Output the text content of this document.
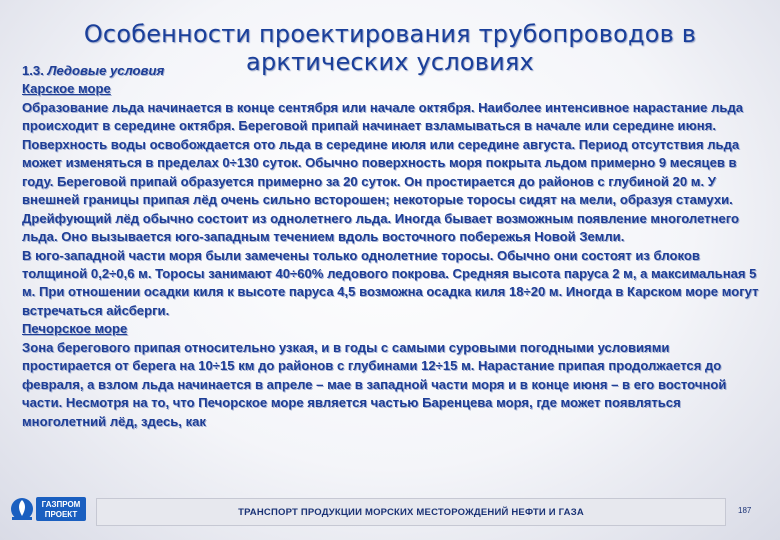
Особенности проектирования трубопроводов в арктических условиях

1.3. Ледовые условия

Карское море

Образование льда начинается в конце сентября или начале октября. Наиболее интенсивное нарастание льда происходит в середине октября. Береговой припай начинает взламываться в начале или середине июня. Поверхность воды освобождается ото льда в середине июля или середине августа. Период отсутствия льда может изменяться в пределах 0÷130 суток. Обычно поверхность моря покрыта льдом примерно 9 месяцев в году. Береговой припай образуется примерно за 20 суток. Он простирается до районов с глубиной 20 м. У внешней границы припая лёд очень сильно всторошен; некоторые торосы сидят на мели, образуя стамухи. Дрейфующий лёд обычно состоит из однолетнего льда. Иногда бывает возможным появление многолетнего льда. Оно вызывается юго-западным течением вдоль восточного побережья Новой Земли.

В юго-западной части моря были замечены только однолетние торосы. Обычно они состоят из блоков толщиной 0,2÷0,6 м. Торосы занимают 40÷60% ледового покрова. Средняя высота паруса 2 м, а максимальная 5 м. При отношении осадки киля к высоте паруса 4,5 возможна осадка киля 18÷20 м. Иногда в Карском море могут встречаться айсберги.

Печорское море

Зона берегового припая относительно узкая, и в годы с самыми суровыми погодными условиями простирается от берега на 10÷15 км до районов с глубинами 12÷15 м. Нарастание припая продолжается до февраля, а взлом льда начинается в апреле – мае в западной части моря и в конце июня – в его восточной части. Несмотря на то, что Печорское море является частью Баренцева моря, где может появляться многолетний лёд, здесь, как

ГАЗПРОМ
ПРОЕКТ	ТРАНСПОРТ ПРОДУКЦИИ МОРСКИХ МЕСТОРОЖДЕНИЙ НЕФТИ И ГАЗА	187
